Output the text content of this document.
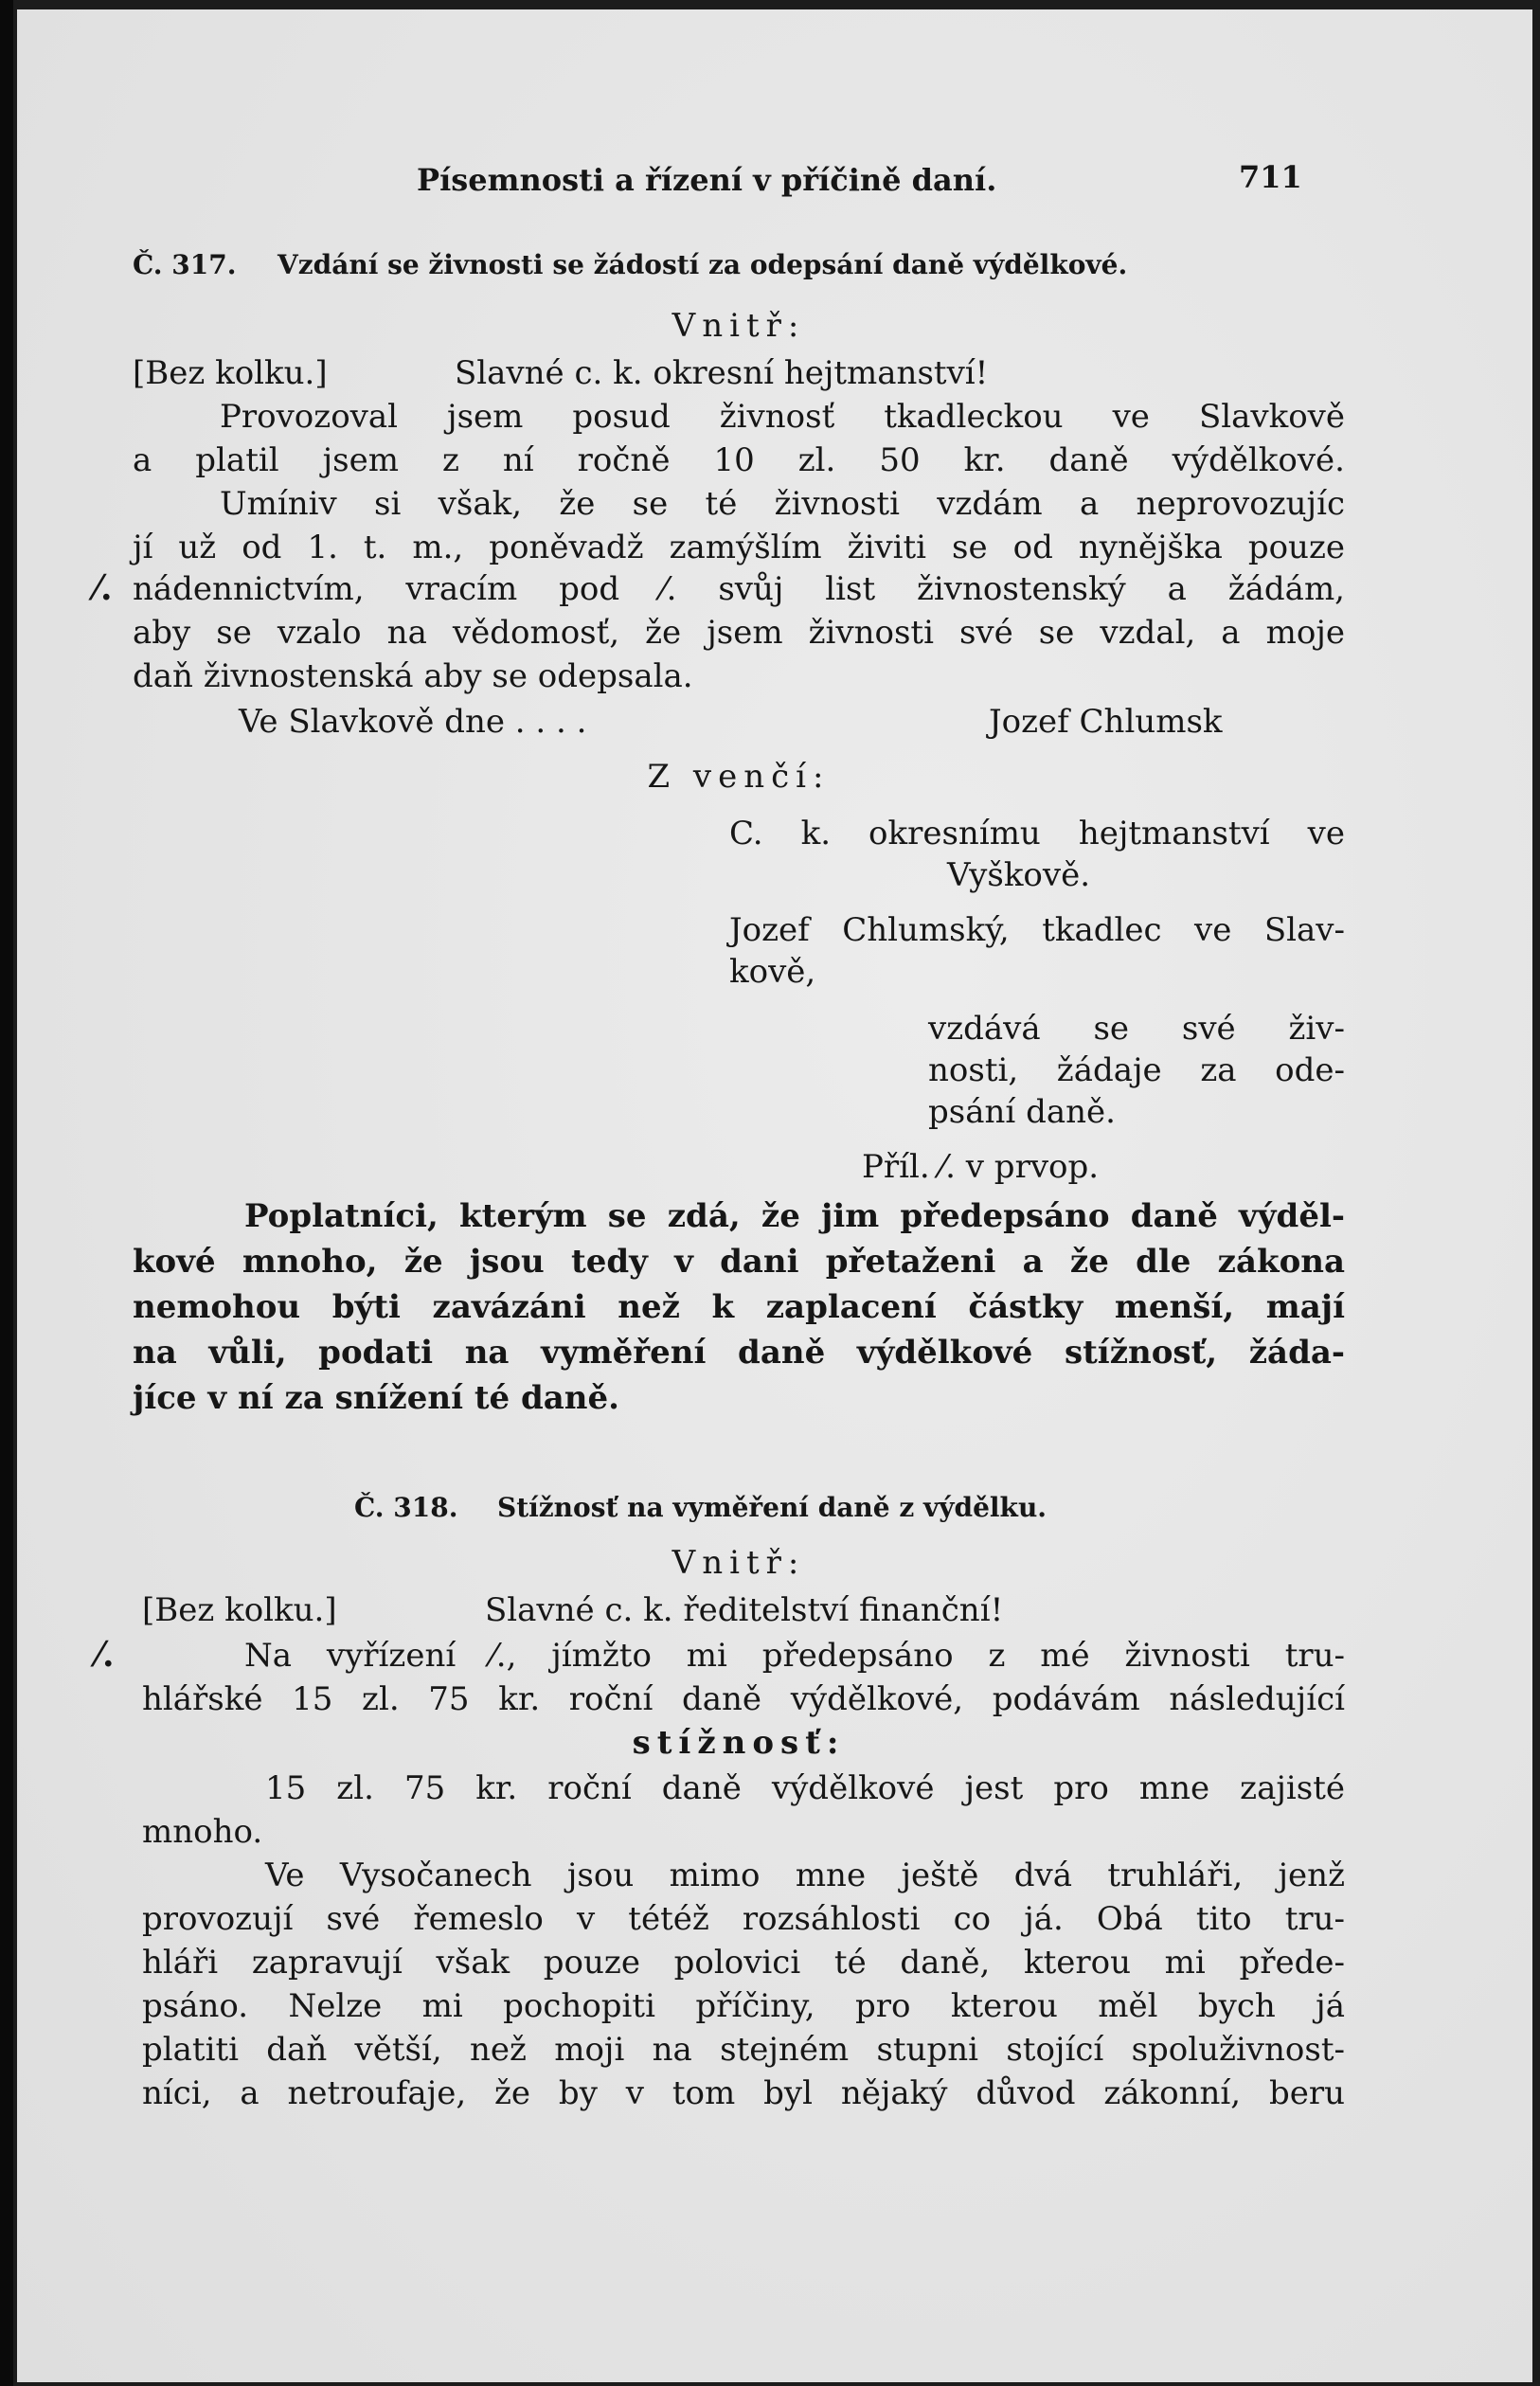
Písemnosti a řízení v příčině daní.	711
Č. 317. Vzdání se živnosti se žádostí za odepsání daně výdělkové.
Vnitř:
[Bez kolku.]	Slavné c. k. okresní hejtmanství!
Provozoval jsem posud živnosť tkadleckou ve Slavkově
a platil jsem z ní ročně 10 zl. 50 kr. daně výdělkové.
Umíniv si však, že se té živnosti vzdám a neprovozujíc
jí už od 1. t. m., poněvadž zamýšlím živiti se od nynějška pouze
nádennictvím, vracím pod ⁄. svůj list živnostenský a žádám,
aby se vzalo na vědomosť, že jsem živnosti své se vzdal, a moje
daň živnostenská aby se odepsala.
Ve Slavkově dne . . . .	Jozef Chlumsk
Z venčí:
C. k. okresnímu hejtmanství ve
Vyškově.
Jozef Chlumský, tkadlec ve Slav-
kově,
vzdává se své živ-
nosti, žádaje za ode-
psání daně.
Příl. ⁄. v prvop.
Poplatníci, kterým se zdá, že jim předepsáno daně výděl-
kové mnoho, že jsou tedy v dani přetaženi a že dle zákona
nemohou býti zavázáni než k zaplacení částky menší, mají
na vůli, podati na vyměření daně výdělkové stížnosť, žáda-
jíce v ní za snížení té daně.
Č. 318. Stížnosť na vyměření daně z výdělku.
Vnitř:
[Bez kolku.]	Slavné c. k. ředitelství finanční!
Na vyřízení ⁄., jímžto mi předepsáno z mé živnosti tru-
hlářské 15 zl. 75 kr. roční daně výdělkové, podávám následující
stížnosť:
15 zl. 75 kr. roční daně výdělkové jest pro mne zajisté
mnoho.
Ve Vysočanech jsou mimo mne ještě dvá truhláři, jenž
provozují své řemeslo v tétéž rozsáhlosti co já. Obá tito tru-
hláři zapravují však pouze polovici té daně, kterou mi přede-
psáno. Nelze mi pochopiti příčiny, pro kterou měl bych já
platiti daň větší, než moji na stejném stupni stojící spoluživnost-
níci, a netroufaje, že by v tom byl nějaký důvod zákonní, beru
⁄.
⁄.
